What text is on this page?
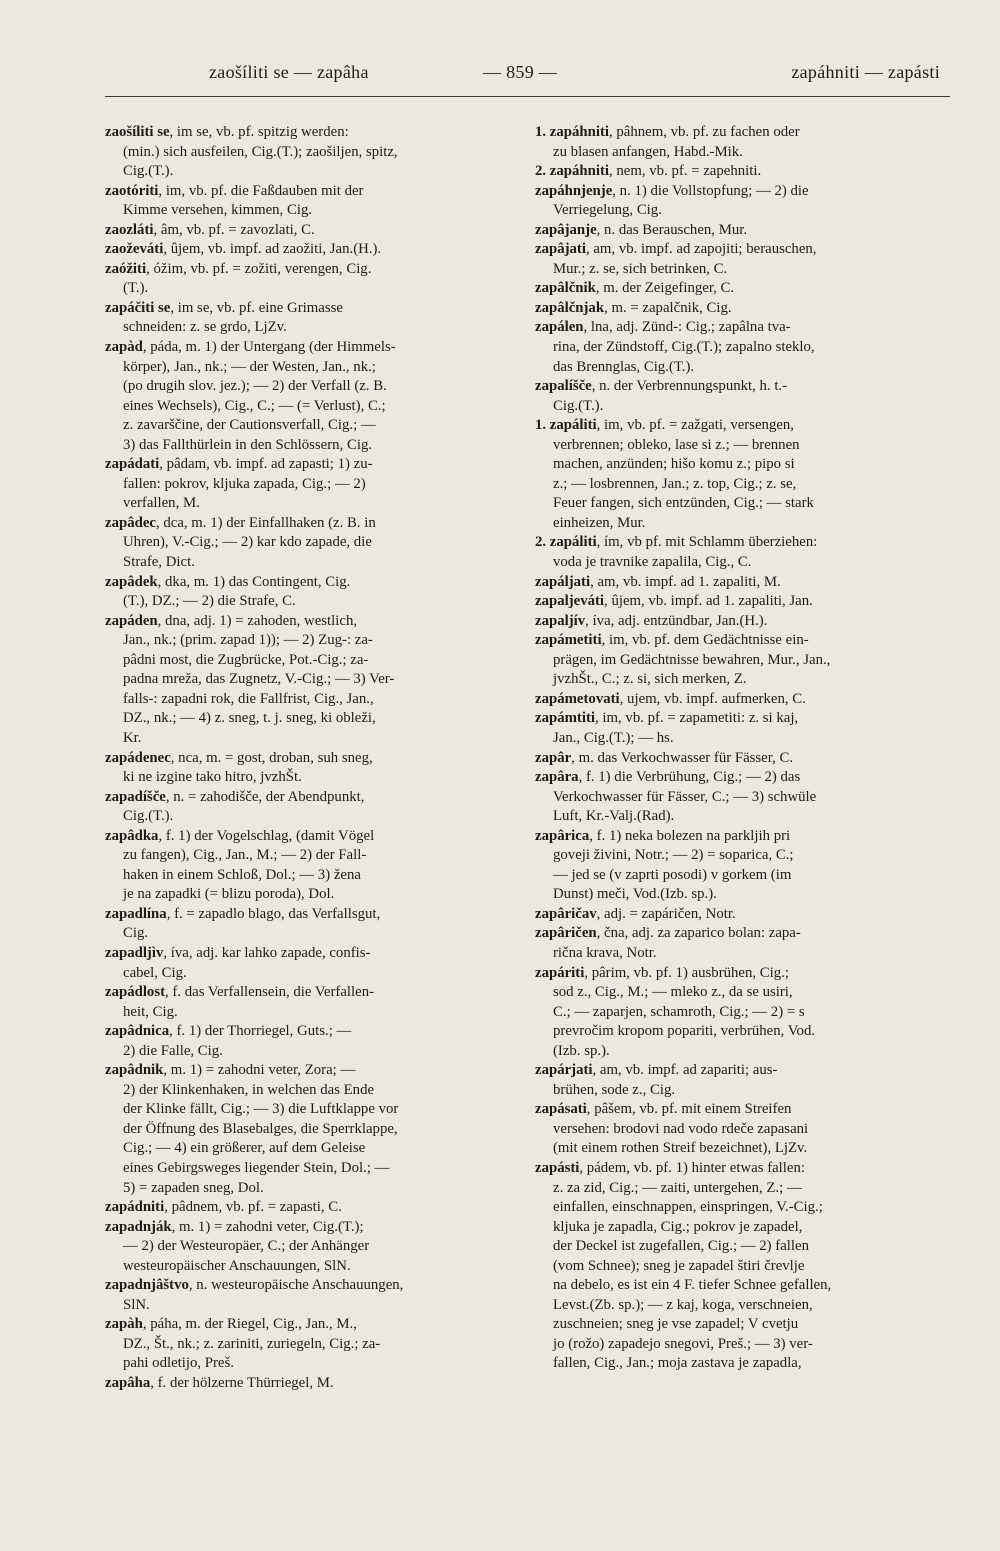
zaošíliti se — zapâha	— 859 —	zapáhniti — zapásti
zaošíliti se, im se, vb. pf. spitzig werden:
(min.) sich ausfeilen, Cig.(T.); zaošiljen, spitz,
Cig.(T.).
zaotóriti, im, vb. pf. die Faßdauben mit der
Kimme versehen, kimmen, Cig.
zaozláti, âm, vb. pf. = zavozlati, C.
zaoževáti, ûjem, vb. impf. ad zaožiti, Jan.(H.).
zaóžiti, óžim, vb. pf. = zožiti, verengen, Cig.
(T.).
zapáčiti se, im se, vb. pf. eine Grimasse
schneiden: z. se grdo, LjZv.
zapàd, páda, m. 1) der Untergang (der Himmels-
körper), Jan., nk.; — der Westen, Jan., nk.;
(po drugih slov. jez.); — 2) der Verfall (z. B.
eines Wechsels), Cig., C.; — (= Verlust), C.;
z. zavarščine, der Cautionsverfall, Cig.; —
3) das Fallthürlein in den Schlössern, Cig.
zapádati, pâdam, vb. impf. ad zapasti; 1) zu-
fallen: pokrov, kljuka zapada, Cig.; — 2)
verfallen, M.
zapâdec, dca, m. 1) der Einfallhaken (z. B. in
Uhren), V.-Cig.; — 2) kar kdo zapade, die
Strafe, Dict.
zapâdek, dka, m. 1) das Contingent, Cig.
(T.), DZ.; — 2) die Strafe, C.
zapáden, dna, adj. 1) = zahoden, westlich,
Jan., nk.; (prim. zapad 1)); — 2) Zug-: za-
pâdni most, die Zugbrücke, Pot.-Cig.; za-
padna mreža, das Zugnetz, V.-Cig.; — 3) Ver-
falls-: zapadni rok, die Fallfrist, Cig., Jan.,
DZ., nk.; — 4) z. sneg, t. j. sneg, ki obleži,
Kr.
zapádenec, nca, m. = gost, droban, suh sneg,
ki ne izgine tako hitro, jvzhŠt.
zapadíšče, n. = zahodišče, der Abendpunkt,
Cig.(T.).
zapâdka, f. 1) der Vogelschlag, (damit Vögel
zu fangen), Cig., Jan., M.; — 2) der Fall-
haken in einem Schloß, Dol.; — 3) žena
je na zapadki (= blizu poroda), Dol.
zapadlína, f. = zapadlo blago, das Verfallsgut,
Cig.
zapadljìv, íva, adj. kar lahko zapade, confis-
cabel, Cig.
zapádlost, f. das Verfallensein, die Verfallen-
heit, Cig.
zapâdnica, f. 1) der Thorriegel, Guts.; —
2) die Falle, Cig.
zapâdnik, m. 1) = zahodni veter, Zora; —
2) der Klinkenhaken, in welchen das Ende
der Klinke fällt, Cig.; — 3) die Luftklappe vor
der Öffnung des Blasebalges, die Sperrklappe,
Cig.; — 4) ein größerer, auf dem Geleise
eines Gebirgsweges liegender Stein, Dol.; —
5) = zapaden sneg, Dol.
zapádniti, pâdnem, vb. pf. = zapasti, C.
zapadnják, m. 1) = zahodni veter, Cig.(T.);
— 2) der Westeuropäer, C.; der Anhänger
westeuropäischer Anschauungen, SlN.
zapadnjâštvo, n. westeuropäische Anschauungen,
SlN.
zapàh, páha, m. der Riegel, Cig., Jan., M.,
DZ., Št., nk.; z. zariniti, zuriegeln, Cig.; za-
pahi odletijo, Preš.
zapâha, f. der hölzerne Thürriegel, M.
1. zapáhniti, pâhnem, vb. pf. zu fachen oder
zu blasen anfangen, Habd.-Mik.
2. zapáhniti, nem, vb. pf. = zapehniti.
zapáhnjenje, n. 1) die Vollstopfung; — 2) die
Verriegelung, Cig.
zapâjanje, n. das Berauschen, Mur.
zapâjati, am, vb. impf. ad zapojiti; berauschen,
Mur.; z. se, sich betrinken, C.
zapâlčnik, m. der Zeigefinger, C.
zapâlčnjak, m. = zapalčnik, Cig.
zapálen, lna, adj. Zünd-: Cig.; zapâlna tva-
rina, der Zündstoff, Cig.(T.); zapalno steklo,
das Brennglas, Cig.(T.).
zapalíšče, n. der Verbrennungspunkt, h. t.-
Cig.(T.).
1. zapáliti, im, vb. pf. = zažgati, versengen,
verbrennen; obleko, lase si z.; — brennen
machen, anzünden; hišo komu z.; pipo si
z.; — losbrennen, Jan.; z. top, Cig.; z. se,
Feuer fangen, sich entzünden, Cig.; — stark
einheizen, Mur.
2. zapáliti, ím, vb pf. mit Schlamm überziehen:
voda je travnike zapalila, Cig., C.
zapáljati, am, vb. impf. ad 1. zapaliti, M.
zapaljeváti, ûjem, vb. impf. ad 1. zapaliti, Jan.
zapaljív, íva, adj. entzündbar, Jan.(H.).
zapámetiti, im, vb. pf. dem Gedächtnisse ein-
prägen, im Gedächtnisse bewahren, Mur., Jan.,
jvzhŠt., C.; z. si, sich merken, Z.
zapámetovati, ujem, vb. impf. aufmerken, C.
zapámtiti, im, vb. pf. = zapametiti: z. si kaj,
Jan., Cig.(T.); — hs.
zapâr, m. das Verkochwasser für Fässer, C.
zapâra, f. 1) die Verbrühung, Cig.; — 2) das
Verkochwasser für Fässer, C.; — 3) schwüle
Luft, Kr.-Valj.(Rad).
zapârica, f. 1) neka bolezen na parkljih pri
goveji živini, Notr.; — 2) = soparica, C.;
— jed se (v zaprti posodi) v gorkem (im
Dunst) meči, Vod.(Izb. sp.).
zapâričav, adj. = zapáričen, Notr.
zapâričen, čna, adj. za zaparico bolan: zapa-
rična krava, Notr.
zapáriti, pârim, vb. pf. 1) ausbrühen, Cig.;
sod z., Cig., M.; — mleko z., da se usiri,
C.; — zaparjen, schamroth, Cig.; — 2) = s
prevročim kropom popariti, verbrühen, Vod.
(Izb. sp.).
zapárjati, am, vb. impf. ad zapariti; aus-
brühen, sode z., Cig.
zapásati, pâšem, vb. pf. mit einem Streifen
versehen: brodovi nad vodo rdeče zapasani
(mit einem rothen Streif bezeichnet), LjZv.
zapásti, pádem, vb. pf. 1) hinter etwas fallen:
z. za zid, Cig.; — zaiti, untergehen, Z.; —
einfallen, einschnappen, einspringen, V.-Cig.;
kljuka je zapadla, Cig.; pokrov je zapadel,
der Deckel ist zugefallen, Cig.; — 2) fallen
(vom Schnee); sneg je zapadel štiri črevlje
na debelo, es ist ein 4 F. tiefer Schnee gefallen,
Levst.(Zb. sp.); — z kaj, koga, verschneien,
zuschneien; sneg je vse zapadel; V cvetju
jo (rožo) zapadejo snegovi, Preš.; — 3) ver-
fallen, Cig., Jan.; moja zastava je zapadla,
